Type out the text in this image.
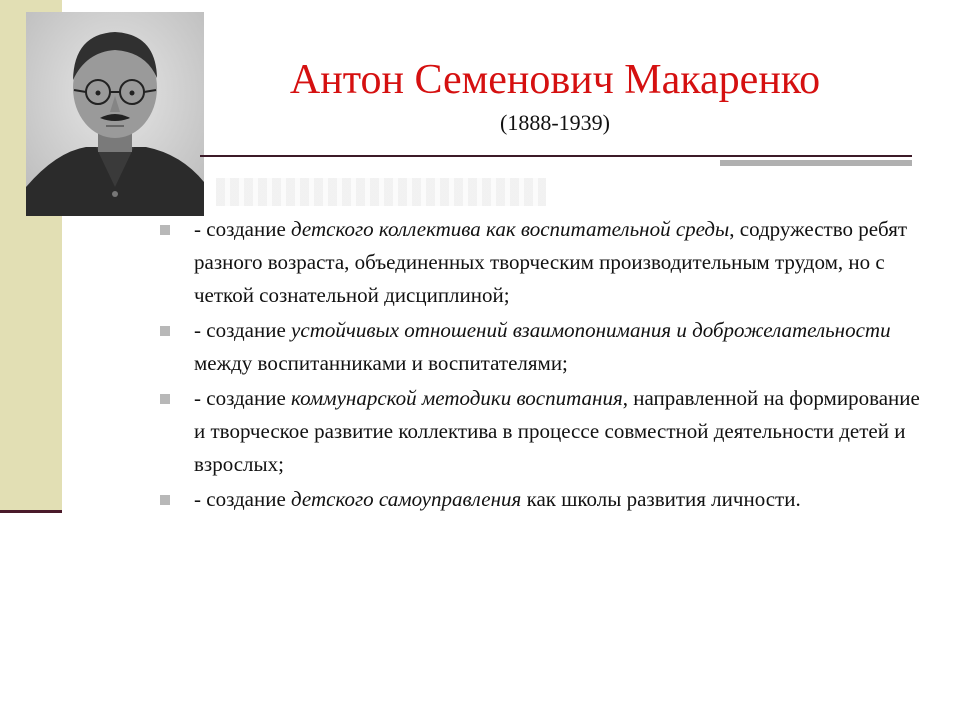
Антон Семенович Макаренко
(1888-1939)
- создание детского коллектива как воспитательной среды, содружество ребят разного возраста, объединенных творческим производительным трудом, но с четкой сознательной дисциплиной;
- создание устойчивых отношений взаимопонимания и доброжелательности между воспитанниками и воспитателями;
- создание коммунарской методики воспитания, направленной на формирование и творческое развитие коллектива в процессе совместной деятельности детей и взрослых;
- создание детского самоуправления как школы развития личности.
